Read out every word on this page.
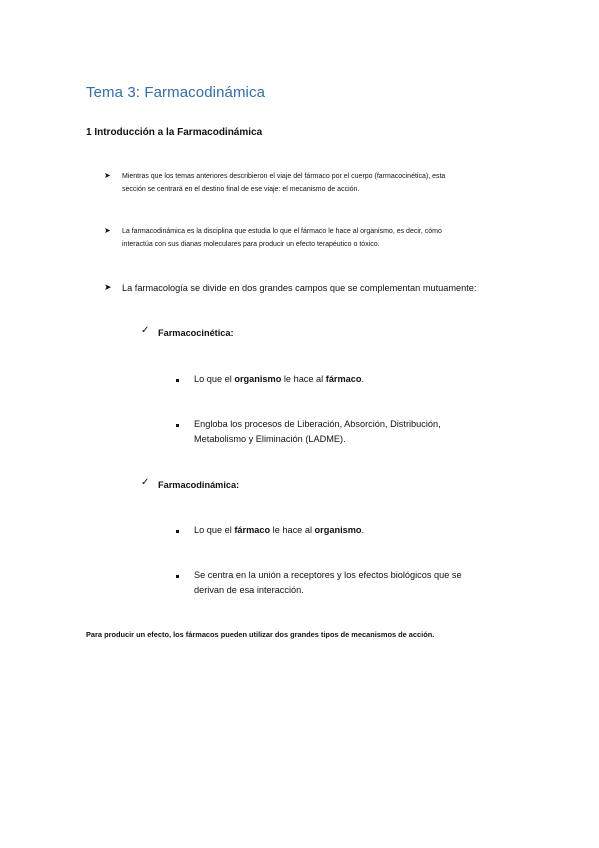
Tema 3: Farmacodinámica
1 Introducción a la Farmacodinámica
➤ Mientras que los temas anteriores describieron el viaje del fármaco por el cuerpo (farmacocinética), esta
sección se centrará en el destino final de ese viaje: el mecanismo de acción.
➤ La farmacodinámica es la disciplina que estudia lo que el fármaco le hace al organismo, es decir, cómo
interactúa con sus dianas moleculares para producir un efecto terapéutico o tóxico.
➤ La farmacología se divide en dos grandes campos que se complementan mutuamente:
✓ Farmacocinética:
Lo que el organismo le hace al fármaco.
Engloba los procesos de Liberación, Absorción, Distribución,
Metabolismo y Eliminación (LADME).
✓ Farmacodinámica:
Lo que el fármaco le hace al organismo.
Se centra en la unión a receptores y los efectos biológicos que se
derivan de esa interacción.
Para producir un efecto, los fármacos pueden utilizar dos grandes tipos de mecanismos de acción.
